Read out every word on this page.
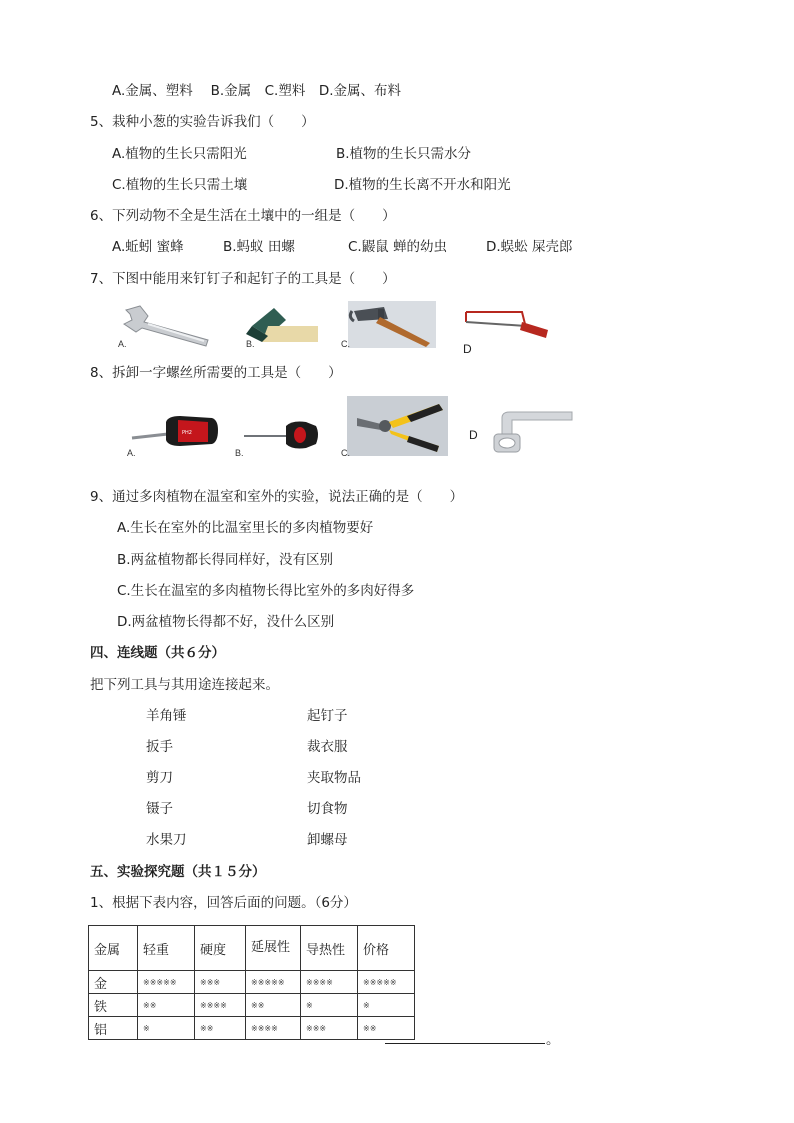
A.金属、塑料　 B.金属　C.塑料　D.金属、布料
5、栽种小葱的实验告诉我们（　　）
A.植物的生长只需阳光	B.植物的生长只需水分
C.植物的生长只需土壤	D.植物的生长离不开水和阳光
6、下列动物不全是生活在土壤中的一组是（　　）
A.蚯蚓 蜜蜂	B.蚂蚁 田螺	C.鼹鼠 蝉的幼虫	D.蜈蚣 屎壳郎
7、下图中能用来钉钉子和起钉子的工具是（　　）
A.	B.	C.	D
8、拆卸一字螺丝所需要的工具是（　　）
PH2
A.	B.	C.
D
9、通过多肉植物在温室和室外的实验，说法正确的是（　　）
A.生长在室外的比温室里长的多肉植物要好
B.两盆植物都长得同样好，没有区别
C.生长在温室的多肉植物长得比室外的多肉好得多
D.两盆植物长得都不好，没什么区别
四、连线题（共６分）
把下列工具与其用途连接起来。
羊角锤
扳手
剪刀
镊子
水果刀
起钉子
裁衣服
夹取物品
切食物
卸螺母
五、实验探究题（共１５分）
1、根据下表内容，回答后面的问题。（6分）
金属	轻重	硬度	延展性	导热性	价格
金	※※※※※	※※※	※※※※※	※※※※	※※※※※
铁	※※	※※※※	※※	※	※
铝	※	※※	※※※※	※※※	※※
。
